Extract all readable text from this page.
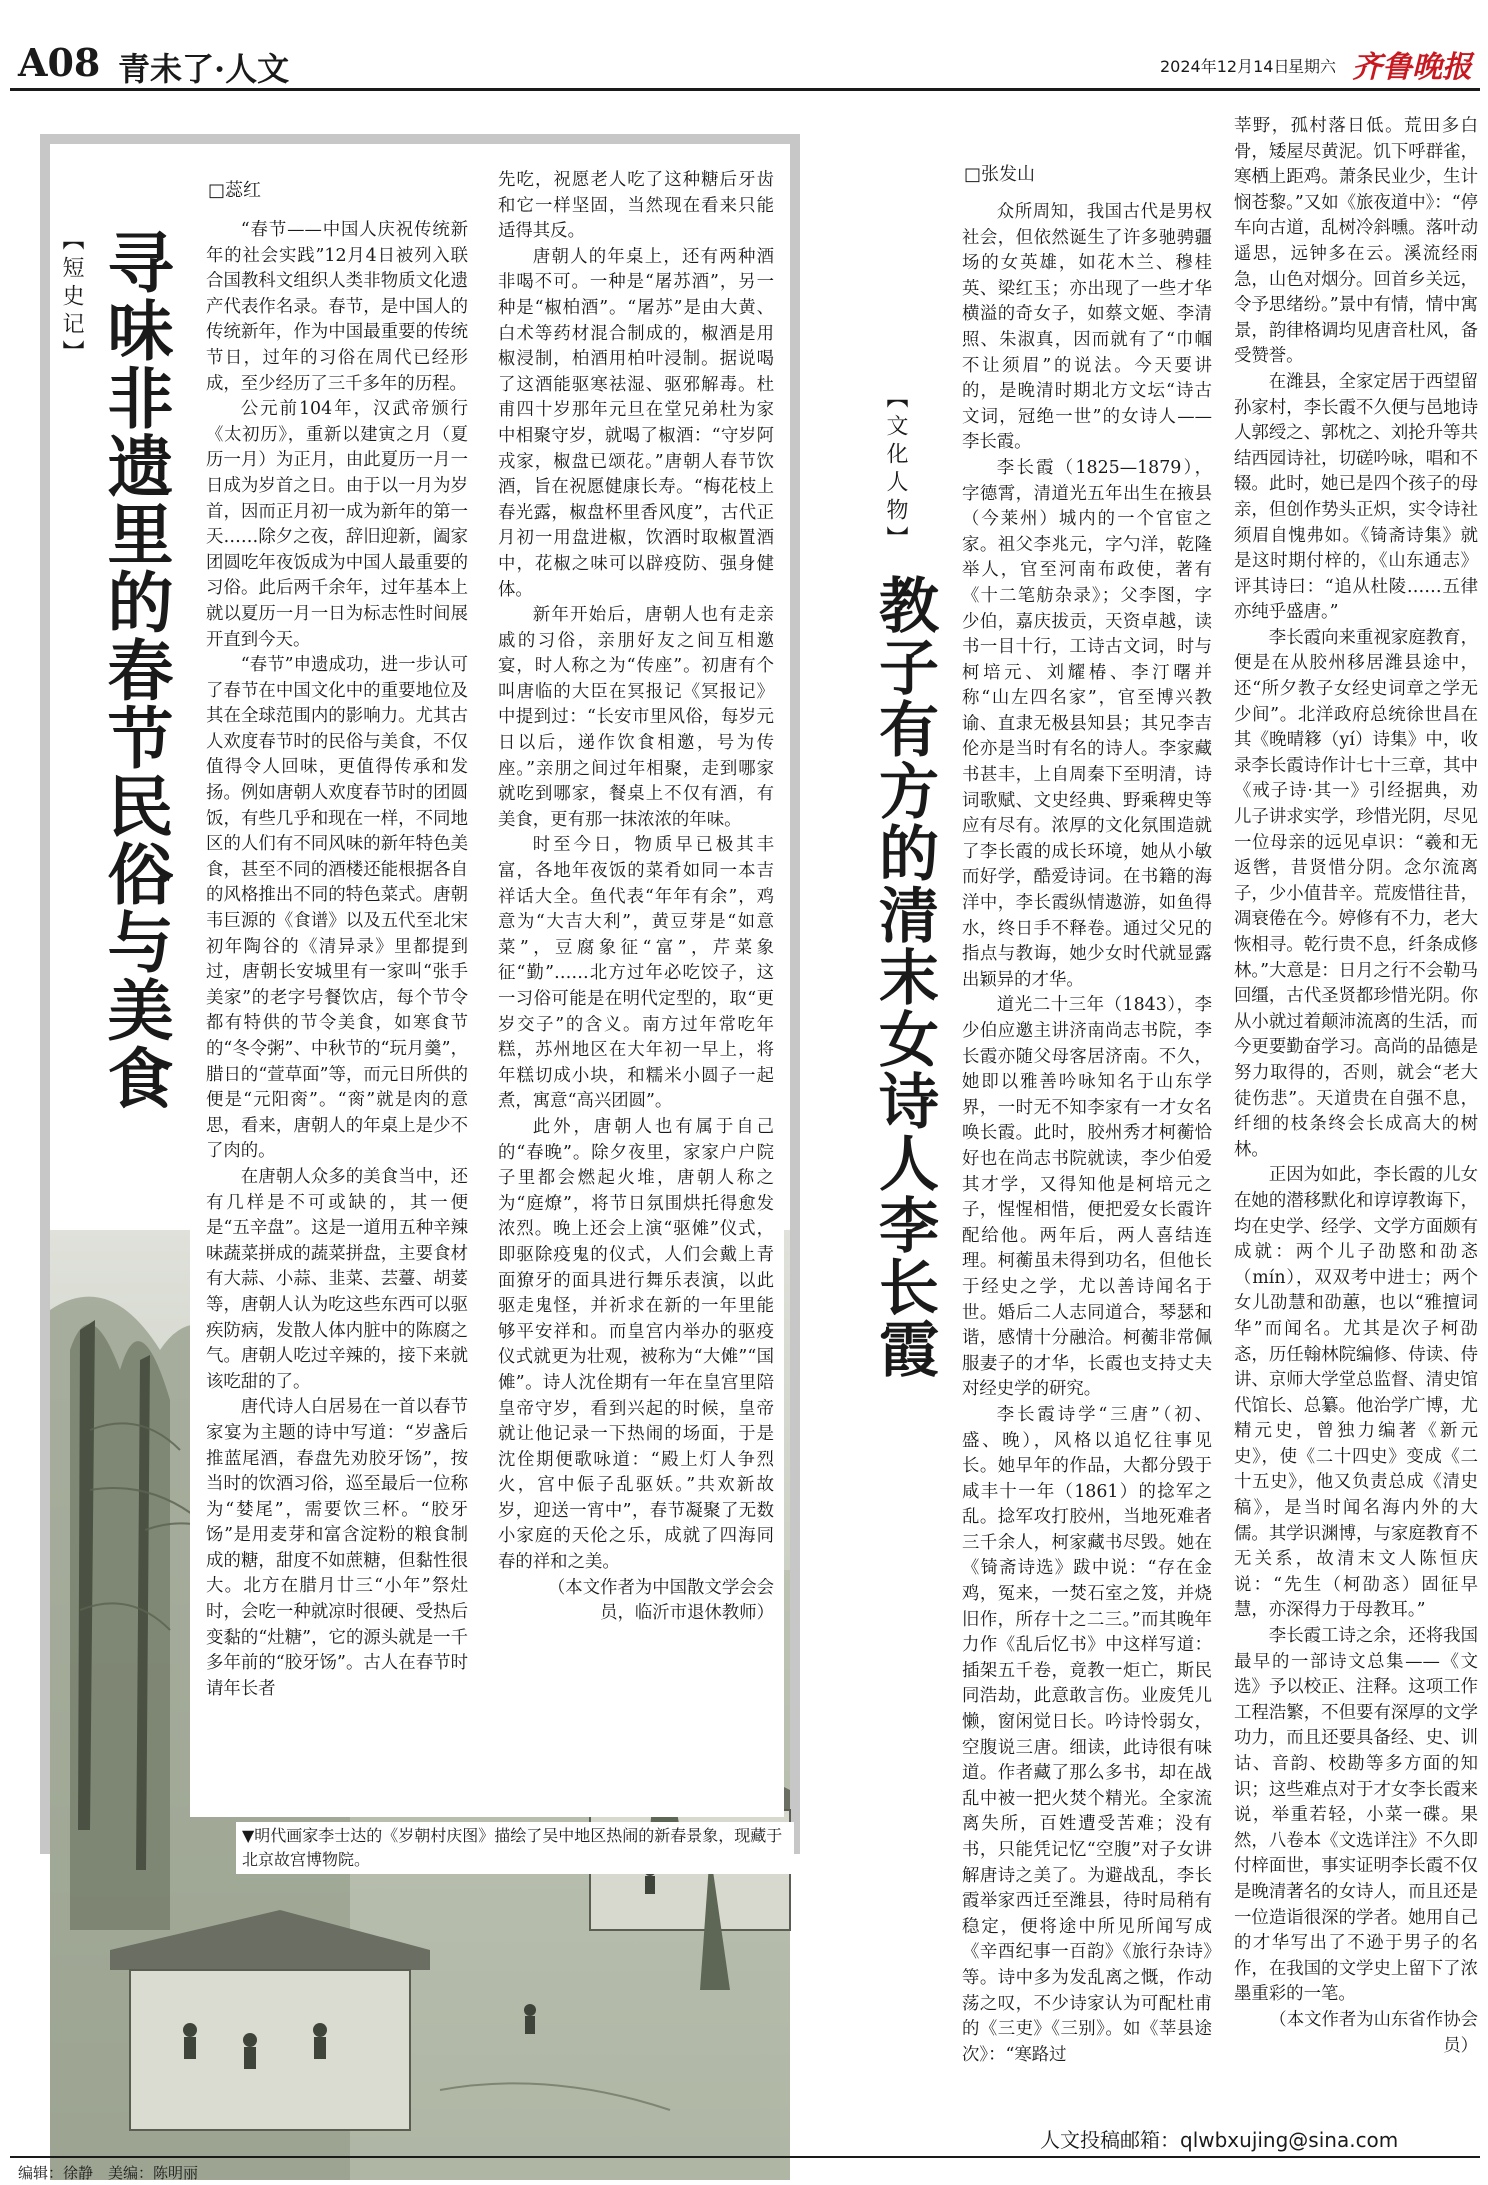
A08 青未了·人文	2024年12月14日
星期六 齐鲁晚报
【短史记】 寻味非遗里的春节民俗与美食
□蕊红

“春节——中国人庆祝传统新年的社会实践”12月4日被列入联合国教科文组织人类非物质文化遗产代表作名录。春节，是中国人的传统新年，作为中国最重要的传统节日，过年的习俗在周代已经形成，至少经历了三千多年的历程。

公元前104年，汉武帝颁行《太初历》，重新以建寅之月（夏历一月）为正月，由此夏历一月一日成为岁首之日。由于以一月为岁首，因而正月初一成为新年的第一天……除夕之夜，辞旧迎新，阖家团圆吃年夜饭成为中国人最重要的习俗。此后两千余年，过年基本上就以夏历一月一日为标志性时间展开直到今天。

“春节”申遗成功，进一步认可了春节在中国文化中的重要地位及其在全球范围内的影响力。尤其古人欢度春节时的民俗与美食，不仅值得令人回味，更值得传承和发扬。例如唐朝人欢度春节时的团圆饭，有些几乎和现在一样，不同地区的人们有不同风味的新年特色美食，甚至不同的酒楼还能根据各自的风格推出不同的特色菜式。唐朝韦巨源的《食谱》以及五代至北宋初年陶谷的《清异录》里都提到过，唐朝长安城里有一家叫“张手美家”的老字号餐饮店，每个节令都有特供的节令美食，如寒食节的“冬令粥”、中秋节的“玩月羹”，腊日的“萱草面”等，而元日所供的便是“元阳脔”。“脔”就是肉的意思，看来，唐朝人的年桌上是少不了肉的。

在唐朝人众多的美食当中，还有几样是不可或缺的，其一便是“五辛盘”。这是一道用五种辛辣味蔬菜拼成的蔬菜拼盘，主要食材有大蒜、小蒜、韭菜、芸薹、胡荽等，唐朝人认为吃这些东西可以驱疾防病，发散人体内脏中的陈腐之气。唐朝人吃过辛辣的，接下来就该吃甜的了。

唐代诗人白居易在一首以春节家宴为主题的诗中写道：“岁盏后推蓝尾酒，春盘先劝胶牙饧”，按当时的饮酒习俗，巡至最后一位称为“婪尾”，需要饮三杯。“胶牙饧”是用麦芽和富含淀粉的粮食制成的糖，甜度不如蔗糖，但黏性很大。北方在腊月廿三“小年”祭灶时，会吃一种就凉时很硬、受热后变黏的“灶糖”，它的源头就是一千多年前的“胶牙饧”。古人在春节时请年长者

先吃，祝愿老人吃了这种糖后牙齿和它一样坚固，当然现在看来只能适得其反。

唐朝人的年桌上，还有两种酒非喝不可。一种是“屠苏酒”，另一种是“椒柏酒”。“屠苏”是由大黄、白术等药材混合制成的，椒酒是用椒浸制，柏酒用柏叶浸制。据说喝了这酒能驱寒祛湿、驱邪解毒。杜甫四十岁那年元旦在堂兄弟杜为家中相聚守岁，就喝了椒酒：“守岁阿戎家，椒盘已颂花。”唐朝人春节饮酒，旨在祝愿健康长寿。“梅花枝上春光露，椒盘杯里香风度”，古代正月初一用盘进椒，饮酒时取椒置酒中，花椒之味可以辟疫防、强身健体。

新年开始后，唐朝人也有走亲戚的习俗，亲朋好友之间互相邀宴，时人称之为“传座”。初唐有个叫唐临的大臣在冥报记《冥报记》中提到过：“长安市里风俗，每岁元日以后，递作饮食相邀，号为传座。”亲朋之间过年相聚，走到哪家就吃到哪家，餐桌上不仅有酒，有美食，更有那一抹浓浓的年味。

时至今日，物质早已极其丰富，各地年夜饭的菜肴如同一本吉祥话大全。鱼代表“年年有余”，鸡意为“大吉大利”，黄豆芽是“如意菜”，豆腐象征“富”，芹菜象征“勤”……北方过年必吃饺子，这一习俗可能是在明代定型的，取“更岁交子”的含义。南方过年常吃年糕，苏州地区在大年初一早上，将年糕切成小块，和糯米小圆子一起煮，寓意“高兴团圆”。

此外，唐朝人也有属于自己的“春晚”。除夕夜里，家家户户院子里都会燃起火堆，唐朝人称之为“庭燎”，将节日氛围烘托得愈发浓烈。晚上还会上演“驱傩”仪式，即驱除疫鬼的仪式，人们会戴上青面獠牙的面具进行舞乐表演，以此驱走鬼怪，并祈求在新的一年里能够平安祥和。而皇宫内举办的驱疫仪式就更为壮观，被称为“大傩”“国傩”。诗人沈佺期有一年在皇宫里陪皇帝守岁，看到兴起的时候，皇帝就让他记录一下热闹的场面，于是沈佺期便歌咏道：“殿上灯人争烈火，宫中侲子乱驱妖。”共欢新故岁，迎送一宵中”，春节凝聚了无数小家庭的天伦之乐，成就了四海同春的祥和之美。

（本文作者为中国散文学会会员，临沂市退休教师）

▼明代画家李士达的《岁朝村庆图》描绘了吴中地区热闹的新春景象，现藏于北京故宫博物院。
【文化人物】
教子有方的清末女诗人李长霞
□张发山

众所周知，我国古代是男权社会，但依然诞生了许多驰骋疆场的女英雄，如花木兰、穆桂英、梁红玉；亦出现了一些才华横溢的奇女子，如蔡文姬、李清照、朱淑真，因而就有了“巾帼不让须眉”的说法。今天要讲的，是晚清时期北方文坛“诗古文词，冠绝一世”的女诗人——李长霞。

李长霞（1825—1879），字德霄，清道光五年出生在掖县（今莱州）城内的一个官宦之家。祖父李兆元，字勺洋，乾隆举人，官至河南布政使，著有《十二笔舫杂录》；父李图，字少伯，嘉庆拔贡，天资卓越，读书一目十行，工诗古文词，时与柯培元、刘耀椿、李汀曙并称“山左四名家”，官至博兴教谕、直隶无极县知县；其兄李吉伦亦是当时有名的诗人。李家藏书甚丰，上自周秦下至明清，诗词歌赋、文史经典、野乘稗史等应有尽有。浓厚的文化氛围造就了李长霞的成长环境，她从小敏而好学，酷爱诗词。在书籍的海洋中，李长霞纵情遨游，如鱼得水，终日手不释卷。通过父兄的指点与教诲，她少女时代就显露出颖异的才华。

道光二十三年（1843），李少伯应邀主讲济南尚志书院，李长霞亦随父母客居济南。不久，她即以雅善吟咏知名于山东学界，一时无不知李家有一才女名唤长霞。此时，胶州秀才柯蘅恰好也在尚志书院就读，李少伯爱其才学，又得知他是柯培元之子，惺惺相惜，便把爱女长霞许配给他。两年后，两人喜结连理。柯蘅虽未得到功名，但他长于经史之学，尤以善诗闻名于世。婚后二人志同道合，琴瑟和谐，感情十分融洽。柯蘅非常佩服妻子的才华，长霞也支持丈夫对经史学的研究。

李长霞诗学“三唐”（初、盛、晚），风格以追忆往事见长。她早年的作品，大都分毁于咸丰十一年（1861）的捻军之乱。捻军攻打胶州，当地死难者三千余人，柯家藏书尽毁。她在《锜斋诗选》跋中说：“存在金鸡，冤来，一焚石室之笈，并烧旧作，所存十之二三。”而其晚年力作《乱后忆书》中这样写道：插架五千卷，竟教一炬亡，斯民同浩劫，此意敢言伤。业废凭儿懒，窗闲觉日长。吟诗怜弱女，空腹说三唐。细读，此诗很有味道。作者藏了那么多书，却在战乱中被一把火焚个精光。全家流离失所，百姓遭受苦难；没有书，只能凭记忆“空腹”对子女讲解唐诗之美了。为避战乱，李长霞举家西迁至潍县，待时局稍有稳定，便将途中所见所闻写成《辛酉纪事一百韵》《旅行杂诗》等。诗中多为发乱离之慨，作动荡之叹，不少诗家认为可配杜甫的《三吏》《三别》。如《莘县途次》：“寒路过

莘野，孤村落日低。荒田多白骨，矮屋尽黄泥。饥下呼群雀，寒栖上距鸡。萧条民业少，生计悯苍黎。”又如《旅夜道中》：“停车向古道，乱树冷斜曛。落叶动遥思，远钟多在云。溪流经雨急，山色对烟分。回首乡关远，令予思绪纷。”景中有情，情中寓景，韵律格调均见唐音杜风，备受赞誉。

在潍县，全家定居于西望留孙家村，李长霞不久便与邑地诗人郭绶之、郭枕之、刘抡升等共结西园诗社，切磋吟咏，唱和不辍。此时，她已是四个孩子的母亲，但创作势头正炽，实令诗社须眉自愧弗如。《锜斋诗集》就是这时期付梓的，《山东通志》评其诗曰：“追从杜陵……五律亦纯乎盛唐。”

李长霞向来重视家庭教育，便是在从胶州移居潍县途中，还“所夕教子女经史词章之学无少间”。北洋政府总统徐世昌在其《晚晴簃（yí）诗集》中，收录李长霞诗作计七十三章，其中《戒子诗·其一》引经据典，劝儿子讲求实学，珍惜光阴，尽见一位母亲的远见卓识：“羲和无返辔，昔贤惜分阴。念尔流离子，少小值昔辛。荒废惜往昔，凋衰倦在今。婷修有不力，老大恢相寻。乾行贵不息，纤条成修林。”大意是：日月之行不会勒马回缰，古代圣贤都珍惜光阴。你从小就过着颠沛流离的生活，而今更要勤奋学习。高尚的品德是努力取得的，否则，就会“老大徒伤悲”。天道贵在自强不息，纤细的枝条终会长成高大的树林。

正因为如此，李长霞的儿女在她的潜移默化和谆谆教诲下，均在史学、经学、文学方面颇有成就：两个儿子劭愍和劭忞（mín），双双考中进士；两个女儿劭慧和劭蕙，也以“雅擅词华”而闻名。尤其是次子柯劭忞，历任翰林院编修、侍读、侍讲、京师大学堂总监督、清史馆代馆长、总纂。他治学广博，尤精元史，曾独力编著《新元史》，使《二十四史》变成《二十五史》，他又负责总成《清史稿》，是当时闻名海内外的大儒。其学识渊博，与家庭教育不无关系，故清末文人陈恒庆说：“先生（柯劭忞）固征早慧，亦深得力于母教耳。”

李长霞工诗之余，还将我国最早的一部诗文总集——《文选》予以校正、注释。这项工作工程浩繁，不但要有深厚的文学功力，而且还要具备经、史、训诂、音韵、校勘等多方面的知识；这些难点对于才女李长霞来说，举重若轻，小菜一碟。果然，八卷本《文选详注》不久即付梓面世，事实证明李长霞不仅是晚清著名的女诗人，而且还是一位造诣很深的学者。她用自己的才华写出了不逊于男子的名作，在我国的文学史上留下了浓墨重彩的一笔。

（本文作者为山东省作协会员）

人文投稿邮箱：qlwbxujing@sina.com
编辑：徐静　美编：陈明丽
